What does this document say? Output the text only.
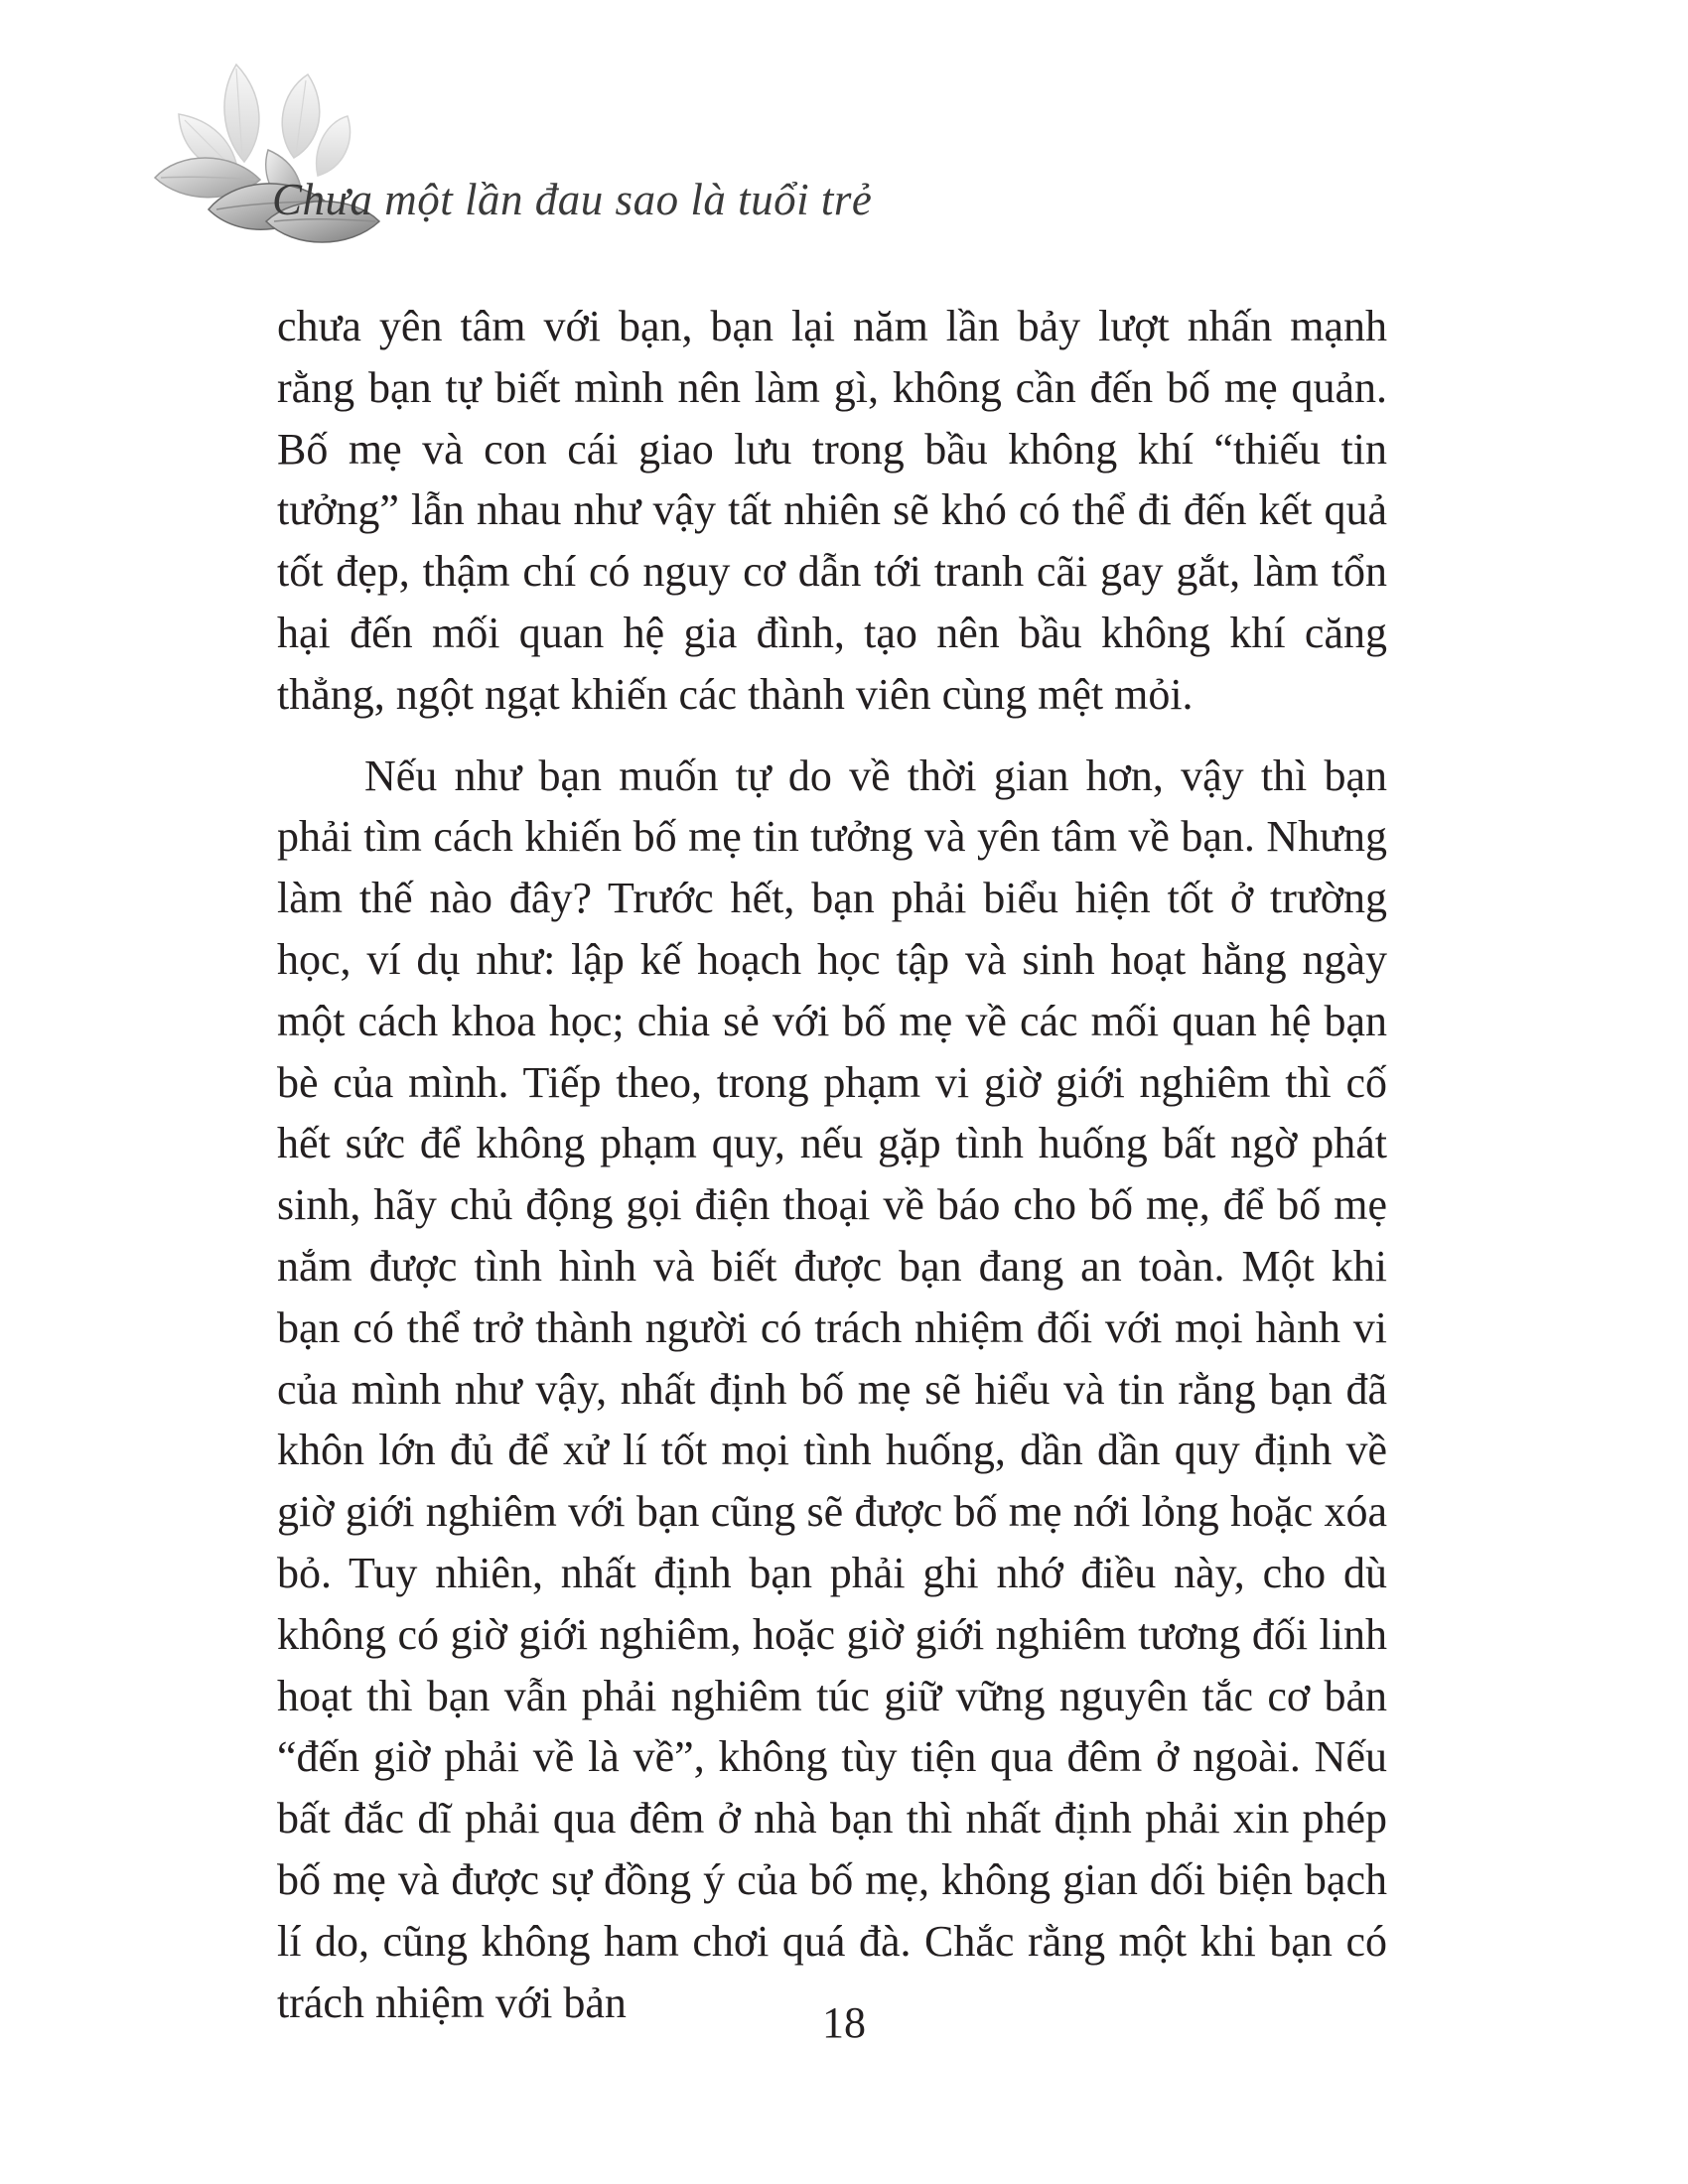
Chưa một lần đau sao là tuổi trẻ

chưa yên tâm với bạn, bạn lại năm lần bảy lượt nhấn mạnh rằng bạn tự biết mình nên làm gì, không cần đến bố mẹ quản. Bố mẹ và con cái giao lưu trong bầu không khí “thiếu tin tưởng” lẫn nhau như vậy tất nhiên sẽ khó có thể đi đến kết quả tốt đẹp, thậm chí có nguy cơ dẫn tới tranh cãi gay gắt, làm tổn hại đến mối quan hệ gia đình, tạo nên bầu không khí căng thẳng, ngột ngạt khiến các thành viên cùng mệt mỏi.

Nếu như bạn muốn tự do về thời gian hơn, vậy thì bạn phải tìm cách khiến bố mẹ tin tưởng và yên tâm về bạn. Nhưng làm thế nào đây? Trước hết, bạn phải biểu hiện tốt ở trường học, ví dụ như: lập kế hoạch học tập và sinh hoạt hằng ngày một cách khoa học; chia sẻ với bố mẹ về các mối quan hệ bạn bè của mình. Tiếp theo, trong phạm vi giờ giới nghiêm thì cố hết sức để không phạm quy, nếu gặp tình huống bất ngờ phát sinh, hãy chủ động gọi điện thoại về báo cho bố mẹ, để bố mẹ nắm được tình hình và biết được bạn đang an toàn. Một khi bạn có thể trở thành người có trách nhiệm đối với mọi hành vi của mình như vậy, nhất định bố mẹ sẽ hiểu và tin rằng bạn đã khôn lớn đủ để xử lí tốt mọi tình huống, dần dần quy định về giờ giới nghiêm với bạn cũng sẽ được bố mẹ nới lỏng hoặc xóa bỏ. Tuy nhiên, nhất định bạn phải ghi nhớ điều này, cho dù không có giờ giới nghiêm, hoặc giờ giới nghiêm tương đối linh hoạt thì bạn vẫn phải nghiêm túc giữ vững nguyên tắc cơ bản “đến giờ phải về là về”, không tùy tiện qua đêm ở ngoài. Nếu bất đắc dĩ phải qua đêm ở nhà bạn thì nhất định phải xin phép bố mẹ và được sự đồng ý của bố mẹ, không gian dối biện bạch lí do, cũng không ham chơi quá đà. Chắc rằng một khi bạn có trách nhiệm với bản	18
